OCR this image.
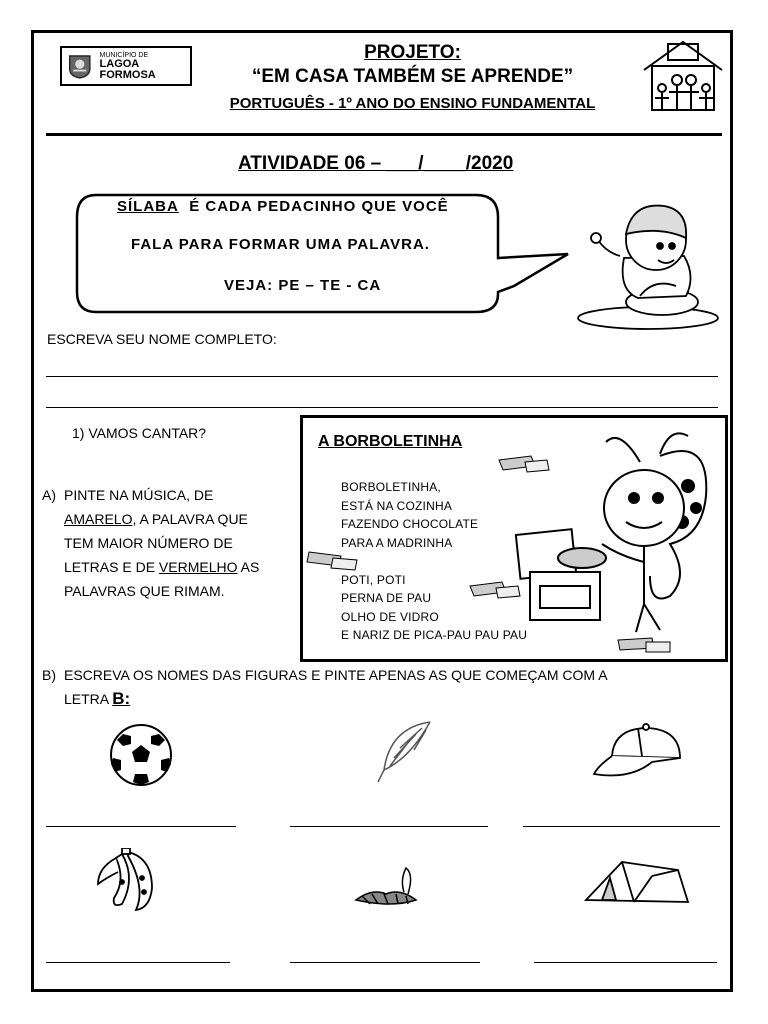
MUNICÍPIO DE
LAGOA FORMOSA
PROJETO:
“EM CASA TAMBÉM SE APRENDE”
PORTUGUÊS - 1º ANO DO ENSINO FUNDAMENTAL
ATIVIDADE 06 – ___/____/2020
SÍLABA É CADA PEDACINHO QUE VOCÊ
FALA PARA FORMAR UMA PALAVRA.
VEJA: PE – TE - CA
ESCREVA SEU NOME COMPLETO:
1) VAMOS CANTAR?
A) PINTE NA MÚSICA, DE
AMARELO, A PALAVRA QUE
TEM MAIOR NÚMERO DE
LETRAS E DE VERMELHO AS
PALAVRAS QUE RIMAM.
A BORBOLETINHA
BORBOLETINHA,
ESTÁ NA COZINHA
FAZENDO CHOCOLATE
PARA A MADRINHA
POTI, POTI
PERNA DE PAU
OLHO DE VIDRO
E NARIZ DE PICA-PAU PAU PAU
B) ESCREVA OS NOMES DAS FIGURAS E PINTE APENAS AS QUE COMEÇAM COM A
LETRA B:
